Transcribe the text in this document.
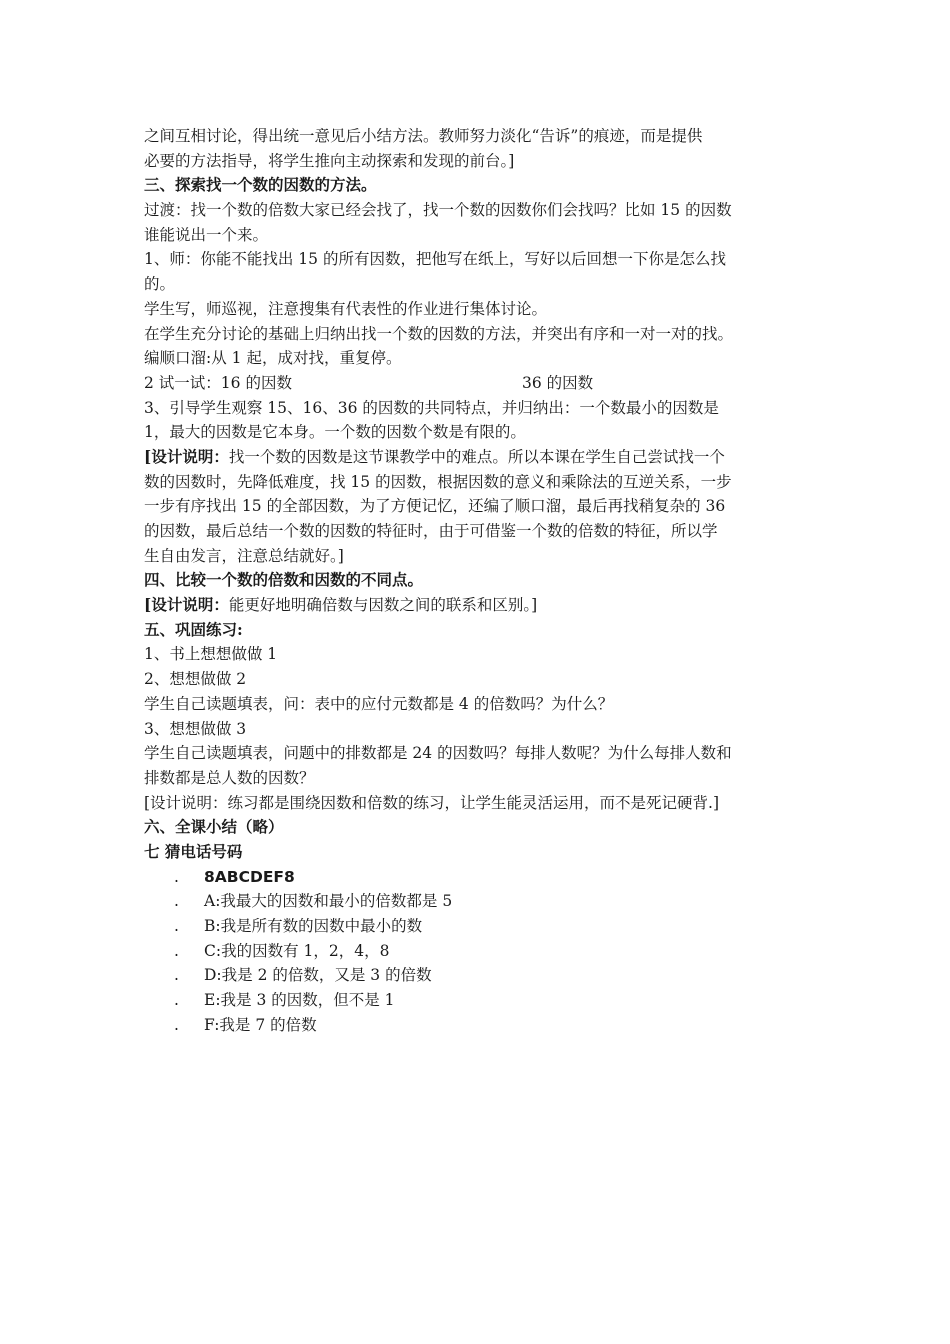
之间互相讨论，得出统一意见后小结方法。教师努力淡化“告诉”的痕迹，而是提供
必要的方法指导，将学生推向主动探索和发现的前台。]
三、探索找一个数的因数的方法。
过渡：找一个数的倍数大家已经会找了，找一个数的因数你们会找吗？比如 15 的因数
谁能说出一个来。
1、师：你能不能找出 15 的所有因数，把他写在纸上，写好以后回想一下你是怎么找
的。
学生写，师巡视，注意搜集有代表性的作业进行集体讨论。
在学生充分讨论的基础上归纳出找一个数的因数的方法，并突出有序和一对一对的找。
编顺口溜:从 1 起，成对找，重复停。
2 试一试：16 的因数	36 的因数
3、引导学生观察 15、16、36 的因数的共同特点，并归纳出：一个数最小的因数是
1，最大的因数是它本身。一个数的因数个数是有限的。
[设计说明：找一个数的因数是这节课教学中的难点。所以本课在学生自己尝试找一个
数的因数时，先降低难度，找 15 的因数，根据因数的意义和乘除法的互逆关系，一步
一步有序找出 15 的全部因数，为了方便记忆，还编了顺口溜，最后再找稍复杂的 36
的因数，最后总结一个数的因数的特征时，由于可借鉴一个数的倍数的特征，所以学
生自由发言，注意总结就好。]
四、比较一个数的倍数和因数的不同点。
[设计说明：能更好地明确倍数与因数之间的联系和区别。]
五、巩固练习:
1、书上想想做做 1
2、想想做做 2
学生自己读题填表，问：表中的应付元数都是 4 的倍数吗？为什么？
3、想想做做 3
学生自己读题填表，问题中的排数都是 24 的因数吗？每排人数呢？为什么每排人数和
排数都是总人数的因数？
[设计说明：练习都是围绕因数和倍数的练习，让学生能灵活运用，而不是死记硬背.]
六、全课小结（略）
七 猜电话号码
.	8ABCDEF8
.	A:我最大的因数和最小的倍数都是 5
.	B:我是所有数的因数中最小的数
.	C:我的因数有 1，2，4，8
.	D:我是 2 的倍数，又是 3 的倍数
.	E:我是 3 的因数，但不是 1
.	F:我是 7 的倍数
